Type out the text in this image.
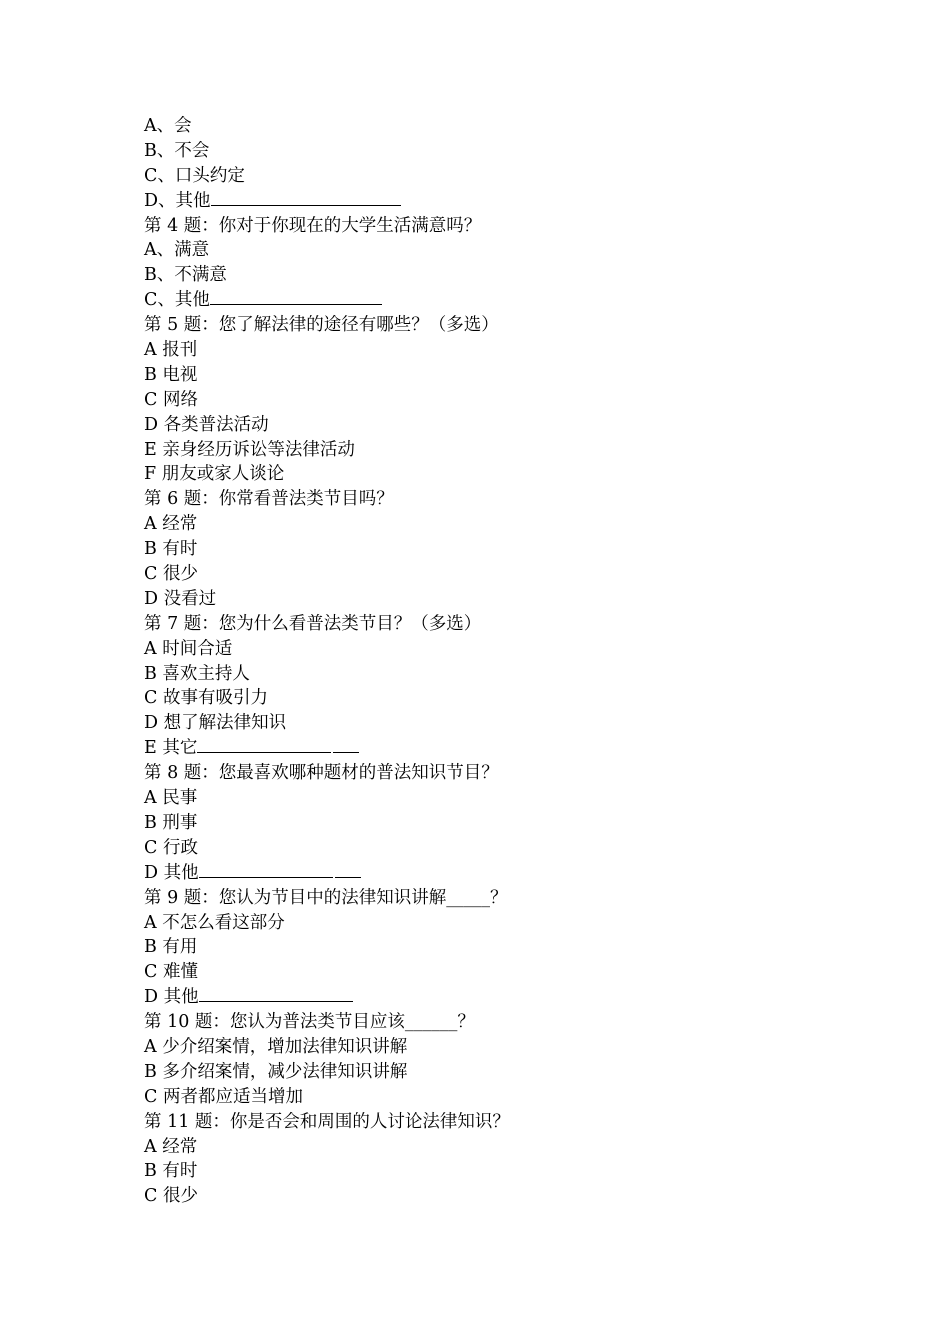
A、会
B、不会
C、口头约定
D、其他
第 4 题：你对于你现在的大学生活满意吗？
A、满意
B、不满意
C、其他
第 5 题：您了解法律的途径有哪些？（多选）
A 报刊
B 电视
C 网络
D 各类普法活动
E 亲身经历诉讼等法律活动
F 朋友或家人谈论
第 6 题：你常看普法类节目吗？
A 经常
B 有时
C 很少
D 没看过
第 7 题：您为什么看普法类节目？（多选）
A 时间合适
B 喜欢主持人
C 故事有吸引力
D 想了解法律知识
E 其它
第 8 题：您最喜欢哪种题材的普法知识节目？
A 民事
B 刑事
C 行政
D 其他
第 9 题：您认为节目中的法律知识讲解_____？
A 不怎么看这部分
B 有用
C 难懂
D 其他
第 10 题：您认为普法类节目应该______？
A 少介绍案情，增加法律知识讲解
B 多介绍案情，减少法律知识讲解
C 两者都应适当增加
第 11 题：你是否会和周围的人讨论法律知识？
A 经常
B 有时
C 很少
